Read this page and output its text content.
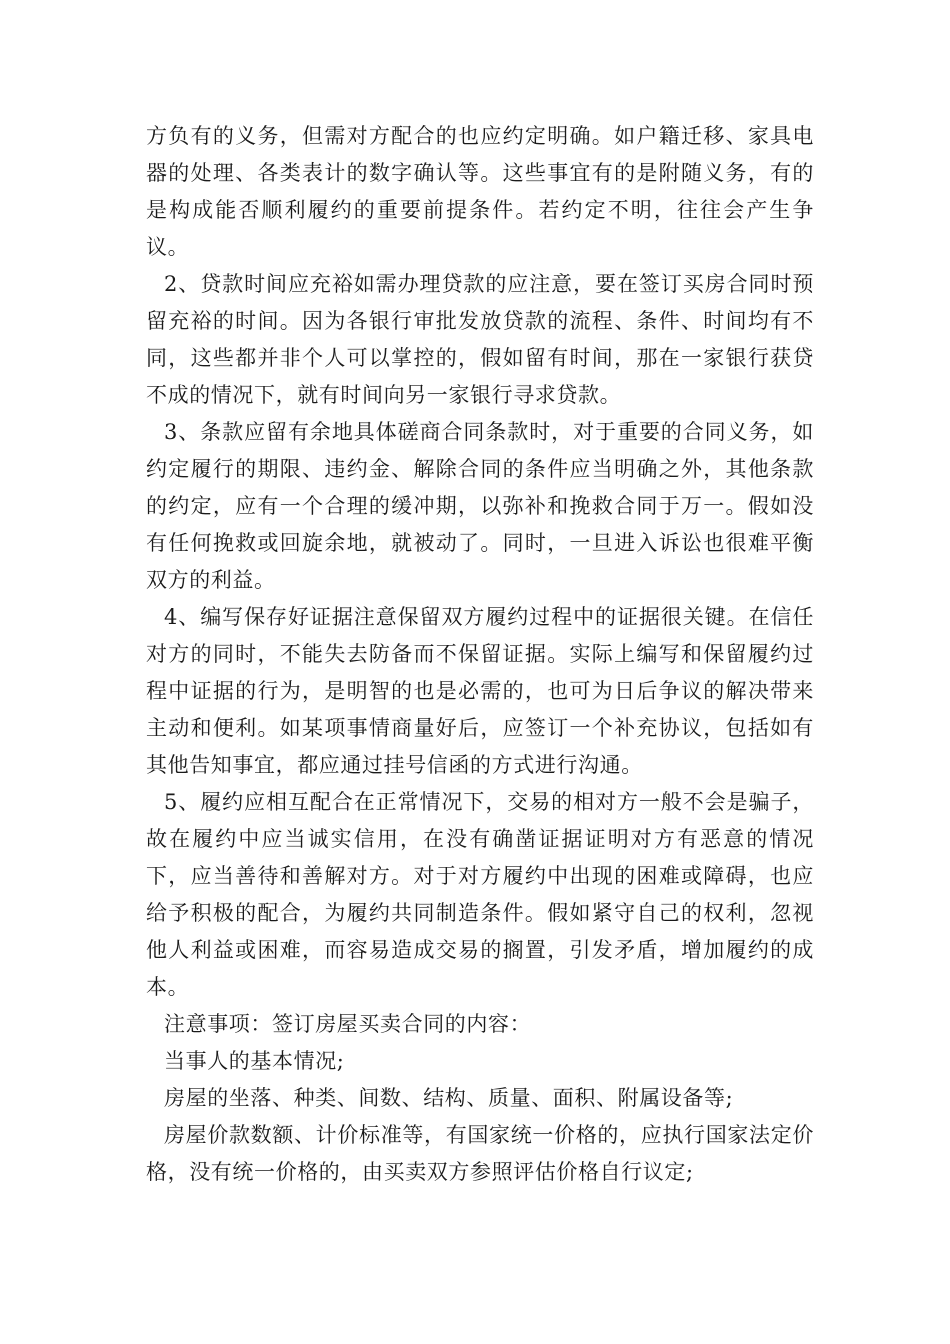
方负有的义务，但需对方配合的也应约定明确。如户籍迁移、家具电器的处理、各类表计的数字确认等。这些事宜有的是附随义务，有的是构成能否顺利履约的重要前提条件。若约定不明，往往会产生争议。

2、贷款时间应充裕如需办理贷款的应注意，要在签订买房合同时预留充裕的时间。因为各银行审批发放贷款的流程、条件、时间均有不同，这些都并非个人可以掌控的，假如留有时间，那在一家银行获贷不成的情况下，就有时间向另一家银行寻求贷款。

3、条款应留有余地具体磋商合同条款时，对于重要的合同义务，如约定履行的期限、违约金、解除合同的条件应当明确之外，其他条款的约定，应有一个合理的缓冲期，以弥补和挽救合同于万一。假如没有任何挽救或回旋余地，就被动了。同时，一旦进入诉讼也很难平衡双方的利益。

4、编写保存好证据注意保留双方履约过程中的证据很关键。在信任对方的同时，不能失去防备而不保留证据。实际上编写和保留履约过程中证据的行为，是明智的也是必需的，也可为日后争议的解决带来主动和便利。如某项事情商量好后，应签订一个补充协议，包括如有其他告知事宜，都应通过挂号信函的方式进行沟通。

5、履约应相互配合在正常情况下，交易的相对方一般不会是骗子，故在履约中应当诚实信用，在没有确凿证据证明对方有恶意的情况下，应当善待和善解对方。对于对方履约中出现的困难或障碍，也应给予积极的配合，为履约共同制造条件。假如紧守自己的权利，忽视他人利益或困难，而容易造成交易的搁置，引发矛盾，增加履约的成本。

注意事项：签订房屋买卖合同的内容：

当事人的基本情况;

房屋的坐落、种类、间数、结构、质量、面积、附属设备等;

房屋价款数额、计价标准等，有国家统一价格的，应执行国家法定价格，没有统一价格的，由买卖双方参照评估价格自行议定;
